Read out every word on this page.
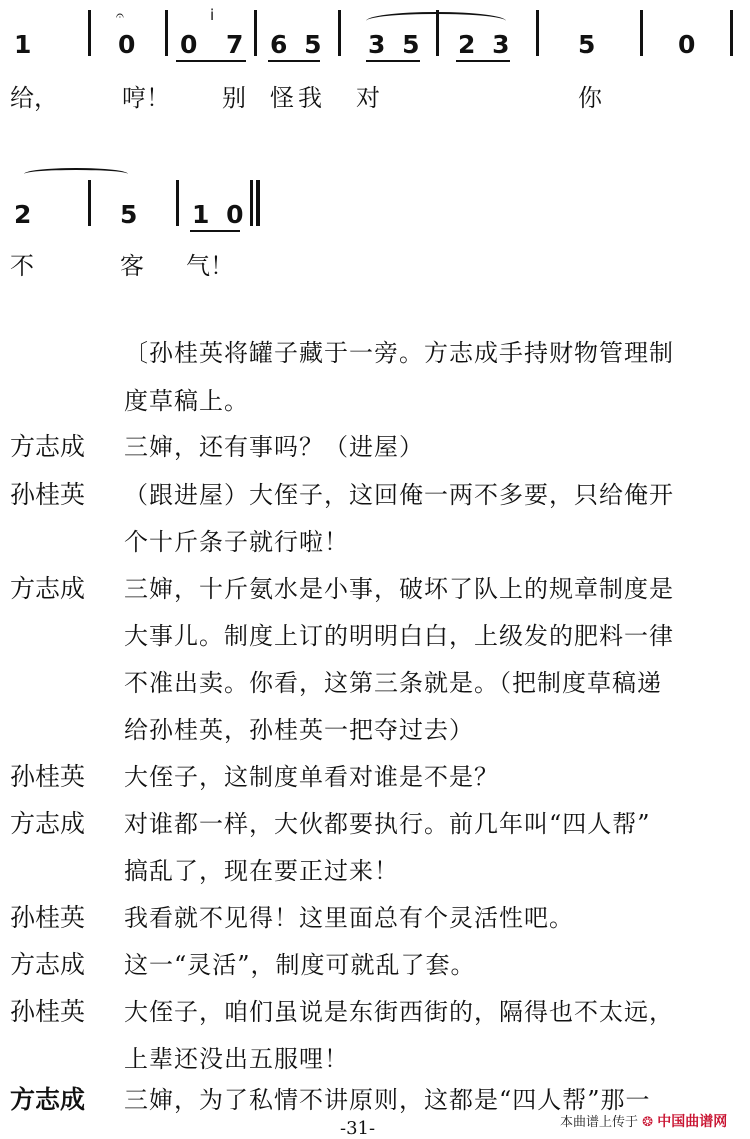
1
𝄐
0 0
i
7 6 5 3 5 2 3	5	0
给，	哼！ 别 怪我 对	你
2	5 1 0
不	客 气！
〔孙桂英将罐子藏于一旁。方志成手持财物管理制
度草稿上。
方志成	三婶，还有事吗？（进屋）
孙桂英	（跟进屋）大侄子，这回俺一两不多要，只给俺开
个十斤条子就行啦！
方志成	三婶，十斤氨水是小事，破坏了队上的规章制度是
大事儿。制度上订的明明白白，上级发的肥料一律
不准出卖。你看，这第三条就是。（把制度草稿递
给孙桂英，孙桂英一把夺过去）
孙桂英	大侄子，这制度单看对谁是不是？
方志成	对谁都一样，大伙都要执行。前几年叫“四人帮”
搞乱了，现在要正过来！
孙桂英	我看就不见得！这里面总有个灵活性吧。
方志成	这一“灵活”，制度可就乱了套。
孙桂英	大侄子，咱们虽说是东街西街的，隔得也不太远，
上辈还没出五服哩！
方志成	三婶，为了私情不讲原则，这都是“四人帮”那一
-31-	本曲谱上传于 ❂ 中国曲谱网
